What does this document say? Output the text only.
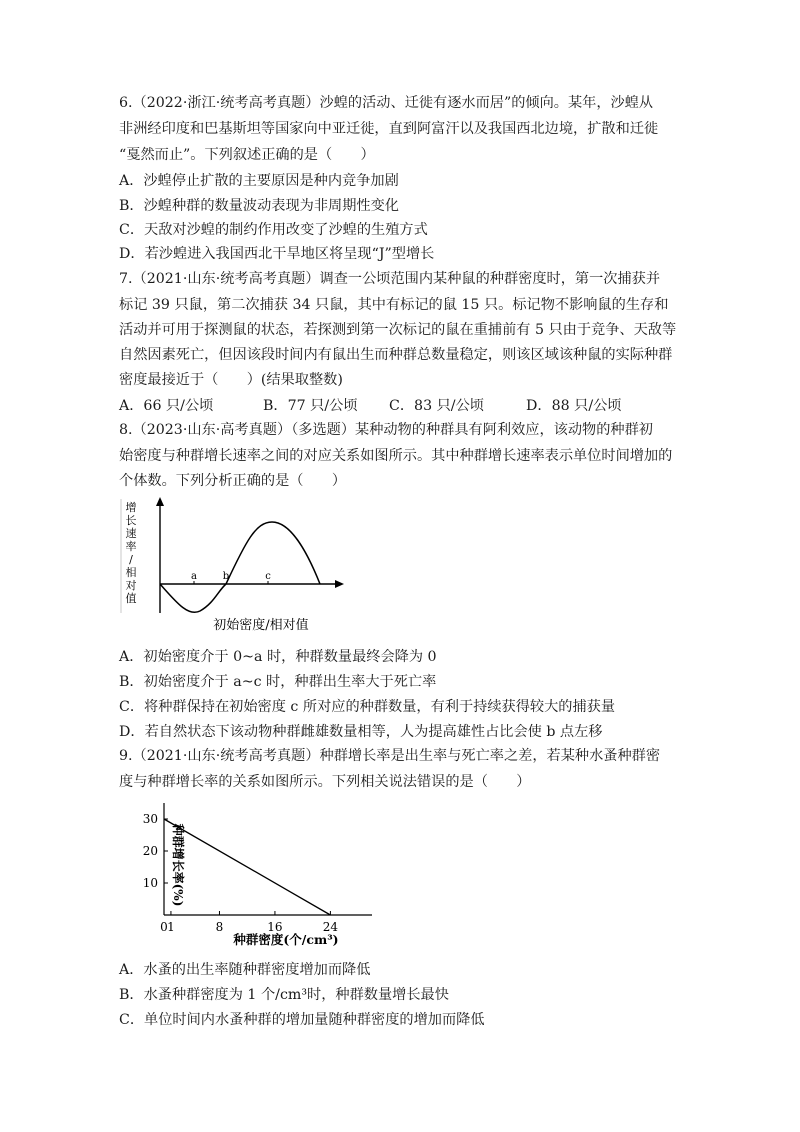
6.（2022·浙江·统考高考真题）沙蝗的活动、迁徙有逐水而居”的倾向。某年，沙蝗从
非洲经印度和巴基斯坦等国家向中亚迁徙，直到阿富汗以及我国西北边境，扩散和迁徙
“戛然而止”。下列叙述正确的是（　　）
A．沙蝗停止扩散的主要原因是种内竞争加剧
B．沙蝗种群的数量波动表现为非周期性变化
C．天敌对沙蝗的制约作用改变了沙蝗的生殖方式
D．若沙蝗进入我国西北干旱地区将呈现“J”型增长
7.（2021·山东·统考高考真题）调查一公顷范围内某种鼠的种群密度时，第一次捕获并
标记 39 只鼠，第二次捕获 34 只鼠，其中有标记的鼠 15 只。标记物不影响鼠的生存和
活动并可用于探测鼠的状态，若探测到第一次标记的鼠在重捕前有 5 只由于竞争、天敌等
自然因素死亡，但因该段时间内有鼠出生而种群总数量稳定，则该区域该种鼠的实际种群
密度最接近于（　　）(结果取整数)
A．66 只/公顷	B．77 只/公顷 C．83 只/公顷	D．88 只/公顷
8.（2023·山东·高考真题）（多选题）某种动物的种群具有阿利效应，该动物的种群初
始密度与种群增长速率之间的对应关系如图所示。其中种群增长速率表示单位时间增加的
个体数。下列分析正确的是（　　）
增
长
速
率
/
相
对
值
a	b	c
初始密度/相对值
A．初始密度介于 0~a 时，种群数量最终会降为 0
B．初始密度介于 a~c 时，种群出生率大于死亡率
C．将种群保持在初始密度 c 所对应的种群数量，有利于持续获得较大的捕获量
D．若自然状态下该动物种群雌雄数量相等，人为提高雄性占比会使 b 点左移
9.（2021·山东·统考高考真题）种群增长率是出生率与死亡率之差，若某种水蚤种群密
度与种群增长率的关系如图所示。下列相关说法错误的是（　　）
种群增长率(%)
10
20
30
0 1	8	16	24
种群密度(个/cm³)
A．水蚤的出生率随种群密度增加而降低
B．水蚤种群密度为 1 个/cm³时，种群数量增长最快
C．单位时间内水蚤种群的增加量随种群密度的增加而降低
